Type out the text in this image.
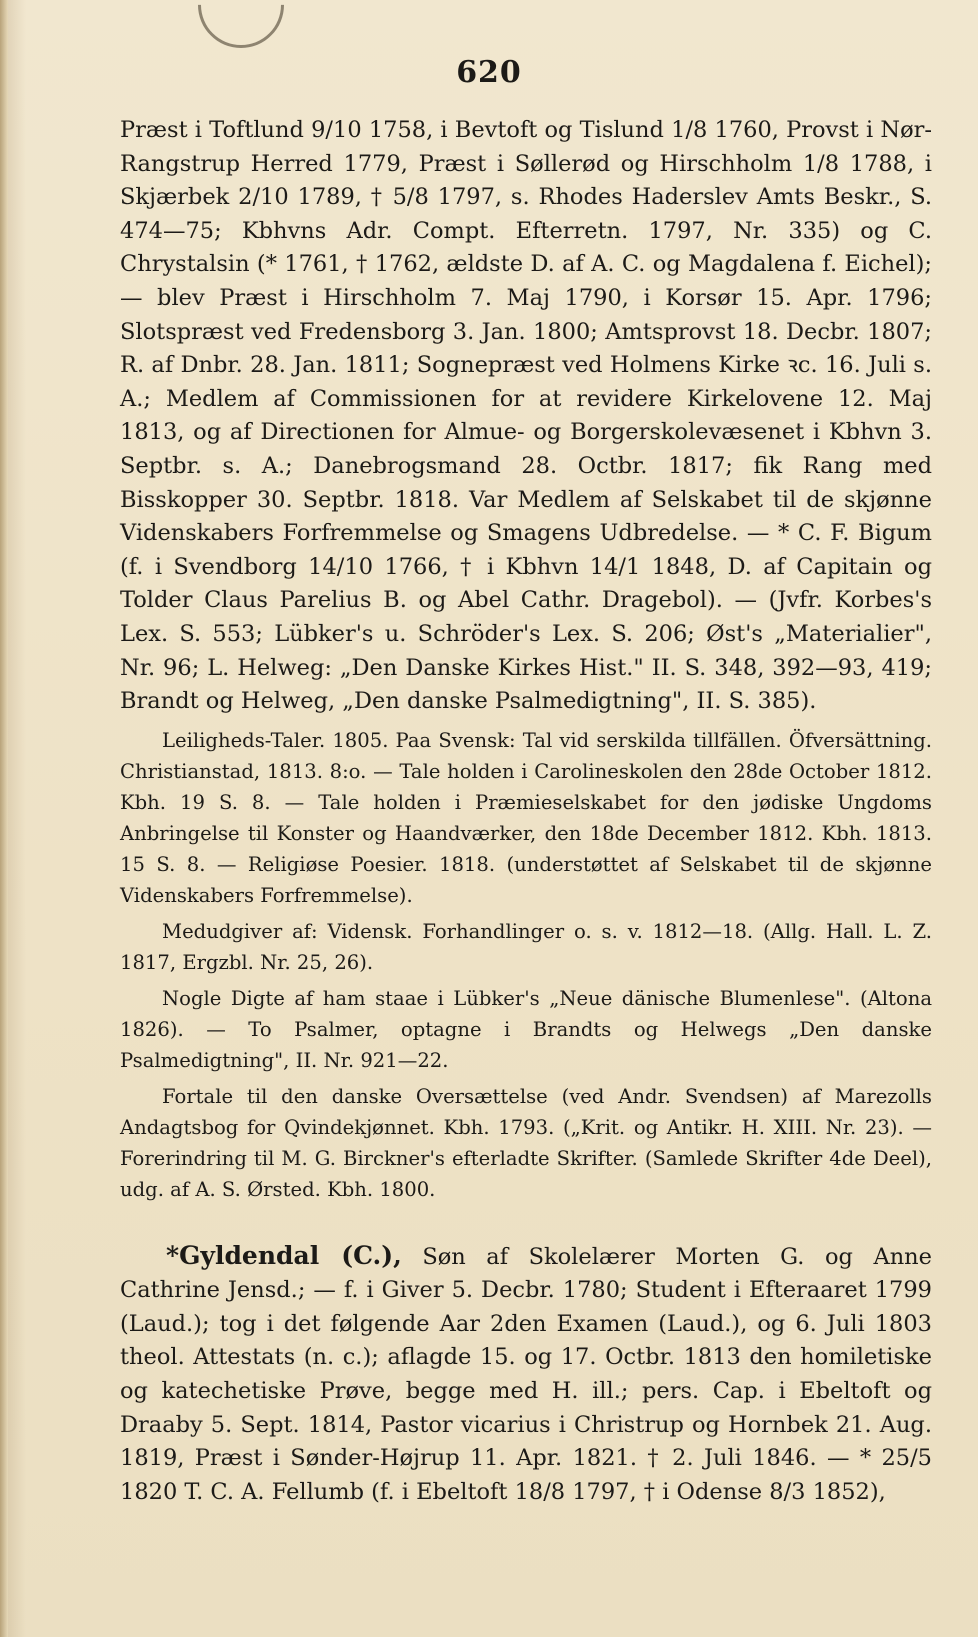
620

Præst i Toftlund 9/10 1758, i Bevtoft og Tislund 1/8 1760, Provst i Nør-Rangstrup Herred 1779, Præst i Søllerød og Hirschholm 1/8 1788, i Skjærbek 2/10 1789, † 5/8 1797, s. Rhodes Haderslev Amts Beskr., S. 474—75; Kbhvns Adr. Compt. Efterretn. 1797, Nr. 335) og C. Chrystalsin (* 1761, † 1762, ældste D. af A. C. og Magdalena f. Eichel); — blev Præst i Hirschholm 7. Maj 1790, i Korsør 15. Apr. 1796; Slotspræst ved Fredensborg 3. Jan. 1800; Amtsprovst 18. Decbr. 1807; R. af Dnbr. 28. Jan. 1811; Sognepræst ved Holmens Kirke ꝛc. 16. Juli s. A.; Medlem af Commissionen for at revidere Kirkelovene 12. Maj 1813, og af Directionen for Almue- og Borgerskolevæsenet i Kbhvn 3. Septbr. s. A.; Danebrogsmand 28. Octbr. 1817; fik Rang med Bisskopper 30. Septbr. 1818. Var Medlem af Selskabet til de skjønne Videnskabers Forfremmelse og Smagens Udbredelse. — * C. F. Bigum (f. i Svendborg 14/10 1766, † i Kbhvn 14/1 1848, D. af Capitain og Tolder Claus Parelius B. og Abel Cathr. Dragebol). — (Jvfr. Korbes's Lex. S. 553; Lübker's u. Schröder's Lex. S. 206; Øst's „Materialier", Nr. 96; L. Helweg: „Den Danske Kirkes Hist." II. S. 348, 392—93, 419; Brandt og Helweg, „Den danske Psalmedigtning", II. S. 385).

Leiligheds-Taler. 1805. Paa Svensk: Tal vid serskilda tillfällen. Öfversättning. Christianstad, 1813. 8:o. — Tale holden i Carolineskolen den 28de October 1812. Kbh. 19 S. 8. — Tale holden i Præmieselskabet for den jødiske Ungdoms Anbringelse til Konster og Haandværker, den 18de December 1812. Kbh. 1813. 15 S. 8. — Religiøse Poesier. 1818. (understøttet af Selskabet til de skjønne Videnskabers Forfremmelse).

Medudgiver af: Vidensk. Forhandlinger o. s. v. 1812—18. (Allg. Hall. L. Z. 1817, Ergzbl. Nr. 25, 26).

Nogle Digte af ham staae i Lübker's „Neue dänische Blumenlese". (Altona 1826). — To Psalmer, optagne i Brandts og Helwegs „Den danske Psalmedigtning", II. Nr. 921—22.

Fortale til den danske Oversættelse (ved Andr. Svendsen) af Marezolls Andagtsbog for Qvindekjønnet. Kbh. 1793. („Krit. og Antikr. H. XIII. Nr. 23). — Forerindring til M. G. Birckner's efterladte Skrifter. (Samlede Skrifter 4de Deel), udg. af A. S. Ørsted. Kbh. 1800.

*Gyldendal (C.), Søn af Skolelærer Morten G. og Anne Cathrine Jensd.; — f. i Giver 5. Decbr. 1780; Student i Efteraaret 1799 (Laud.); tog i det følgende Aar 2den Examen (Laud.), og 6. Juli 1803 theol. Attestats (n. c.); aflagde 15. og 17. Octbr. 1813 den homiletiske og katechetiske Prøve, begge med H. ill.; pers. Cap. i Ebeltoft og Draaby 5. Sept. 1814, Pastor vicarius i Christrup og Hornbek 21. Aug. 1819, Præst i Sønder-Højrup 11. Apr. 1821. † 2. Juli 1846. — * 25/5 1820 T. C. A. Fellumb (f. i Ebeltoft 18/8 1797, † i Odense 8/3 1852),
